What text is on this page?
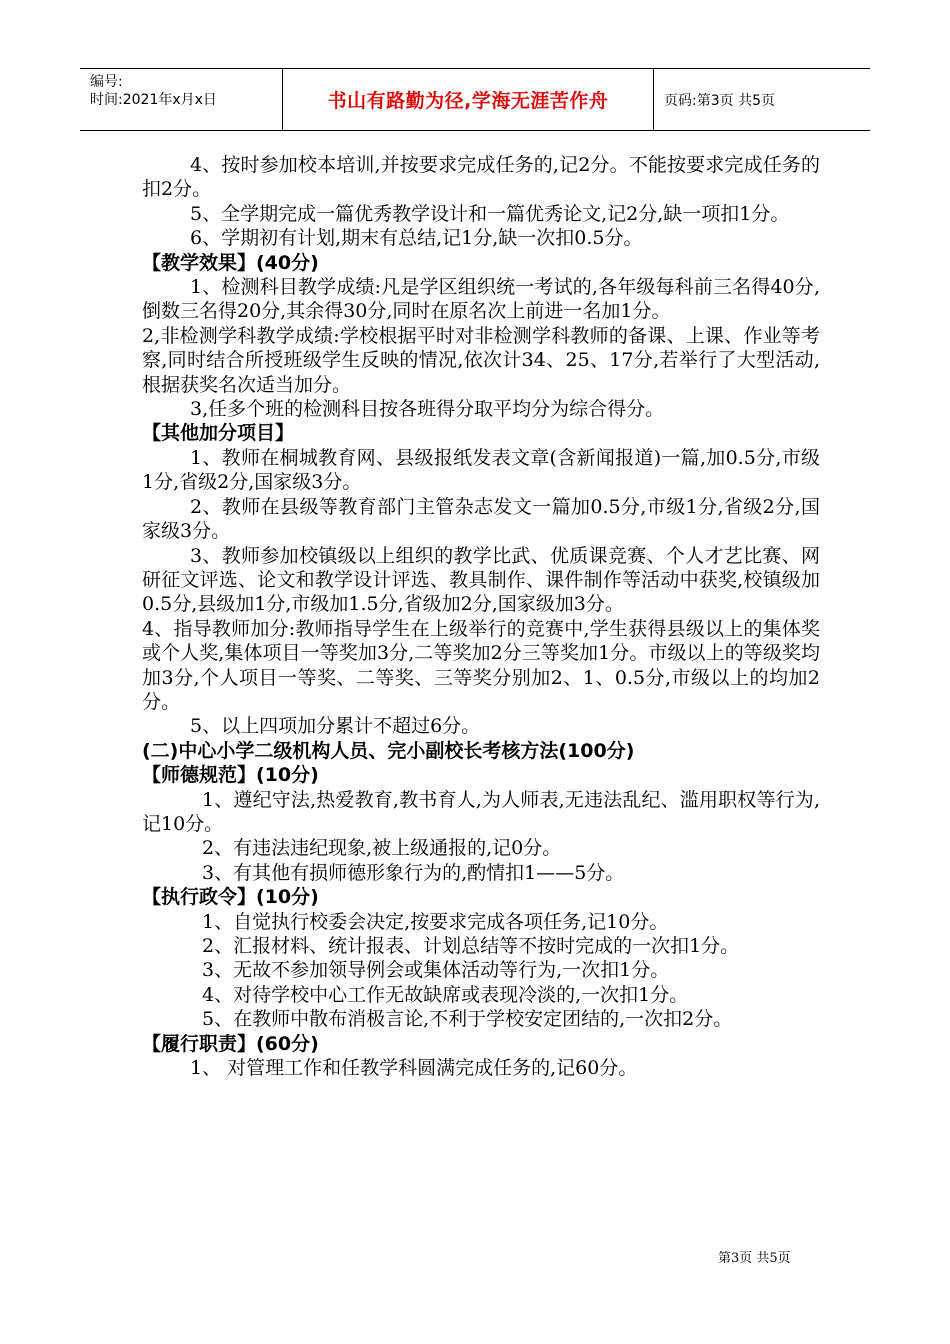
编号:
时间:2021年x月x日	书山有路勤为径,学海无涯苦作舟	页码:第3页 共5页

4、按时参加校本培训,并按要求完成任务的,记2分。不能按要求完成任务的扣2分。

5、全学期完成一篇优秀教学设计和一篇优秀论文,记2分,缺一项扣1分。

6、学期初有计划,期末有总结,记1分,缺一次扣0.5分。

【教学效果】(40分)

1、检测科目教学成绩:凡是学区组织统一考试的,各年级每科前三名得40分,倒数三名得20分,其余得30分,同时在原名次上前进一名加1分。

2,非检测学科教学成绩:学校根据平时对非检测学科教师的备课、上课、作业等考察,同时结合所授班级学生反映的情况,依次计34、25、17分,若举行了大型活动,根据获奖名次适当加分。

3,任多个班的检测科目按各班得分取平均分为综合得分。

【其他加分项目】

1、教师在桐城教育网、县级报纸发表文章(含新闻报道)一篇,加0.5分,市级1分,省级2分,国家级3分。

2、教师在县级等教育部门主管杂志发文一篇加0.5分,市级1分,省级2分,国家级3分。

3、教师参加校镇级以上组织的教学比武、优质课竞赛、个人才艺比赛、网研征文评选、论文和教学设计评选、教具制作、课件制作等活动中获奖,校镇级加0.5分,县级加1分,市级加1.5分,省级加2分,国家级加3分。

4、指导教师加分:教师指导学生在上级举行的竞赛中,学生获得县级以上的集体奖或个人奖,集体项目一等奖加3分,二等奖加2分三等奖加1分。市级以上的等级奖均加3分,个人项目一等奖、二等奖、三等奖分别加2、1、0.5分,市级以上的均加2分。

5、以上四项加分累计不超过6分。

(二)中心小学二级机构人员、完小副校长考核方法(100分)

【师德规范】(10分)

1、遵纪守法,热爱教育,教书育人,为人师表,无违法乱纪、滥用职权等行为,记10分。

2、有违法违纪现象,被上级通报的,记0分。

3、有其他有损师德形象行为的,酌情扣1——5分。

【执行政令】(10分)

1、自觉执行校委会决定,按要求完成各项任务,记10分。

2、汇报材料、统计报表、计划总结等不按时完成的一次扣1分。

3、无故不参加领导例会或集体活动等行为,一次扣1分。

4、对待学校中心工作无故缺席或表现冷淡的,一次扣1分。

5、在教师中散布消极言论,不利于学校安定团结的,一次扣2分。

【履行职责】(60分)

1、 对管理工作和任教学科圆满完成任务的,记60分。

第3页 共5页
